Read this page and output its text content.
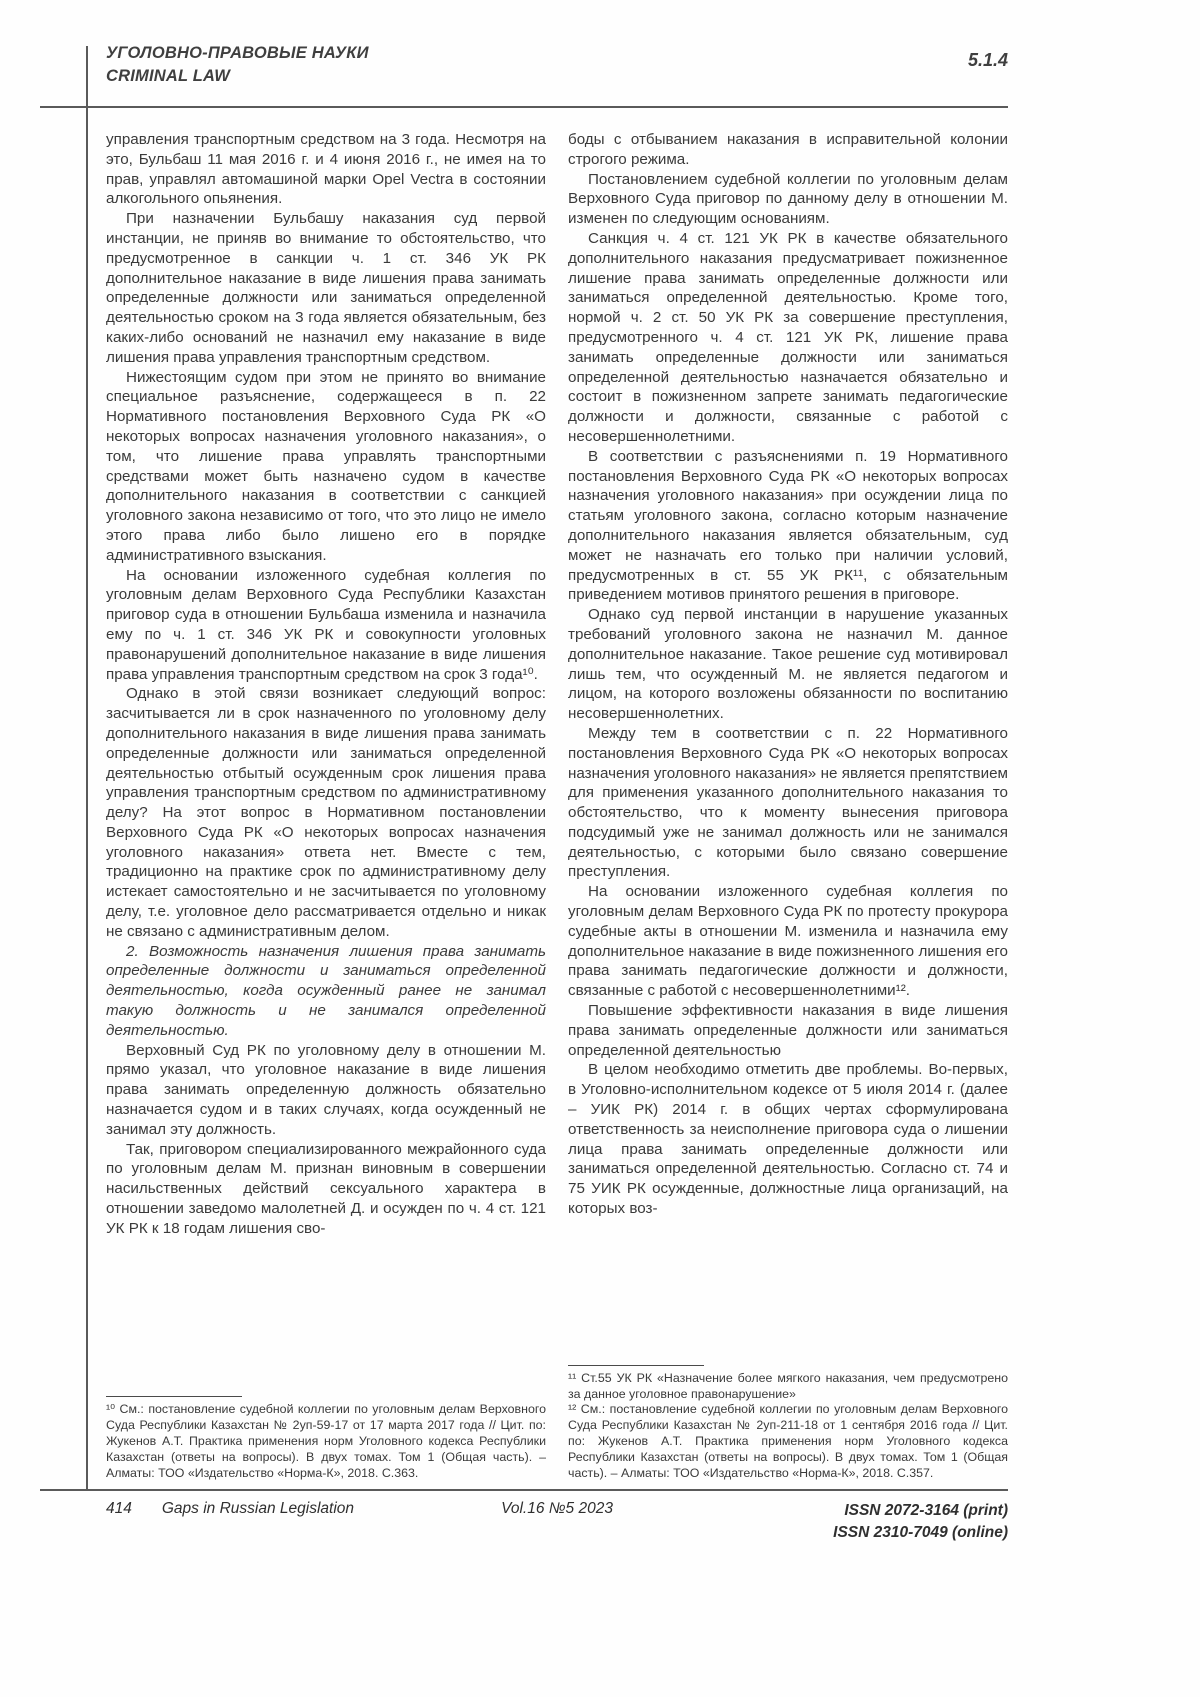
УГОЛОВНО-ПРАВОВЫЕ НАУКИ
CRIMINAL LAW
5.1.4

управления транспортным средством на 3 года. Несмотря на это, Бульбаш 11 мая 2016 г. и 4 июня 2016 г., не имея на то прав, управлял автомашиной марки Opel Vectra в состоянии алкогольного опьянения.

При назначении Бульбашу наказания суд первой инстанции, не приняв во внимание то обстоятельство, что предусмотренное в санкции ч. 1 ст. 346 УК РК дополнительное наказание в виде лишения права занимать определенные должности или заниматься определенной деятельностью сроком на 3 года является обязательным, без каких-либо оснований не назначил ему наказание в виде лишения права управления транспортным средством.

Нижестоящим судом при этом не принято во внимание специальное разъяснение, содержащееся в п. 22 Нормативного постановления Верховного Суда РК «О некоторых вопросах назначения уголовного наказания», о том, что лишение права управлять транспортными средствами может быть назначено судом в качестве дополнительного наказания в соответствии с санкцией уголовного закона независимо от того, что это лицо не имело этого права либо было лишено его в порядке административного взыскания.

На основании изложенного судебная коллегия по уголовным делам Верховного Суда Республики Казахстан приговор суда в отношении Бульбаша изменила и назначила ему по ч. 1 ст. 346 УК РК и совокупности уголовных правонарушений дополнительное наказание в виде лишения права управления транспортным средством на срок 3 года¹⁰.

Однако в этой связи возникает следующий вопрос: засчитывается ли в срок назначенного по уголовному делу дополнительного наказания в виде лишения права занимать определенные должности или заниматься определенной деятельностью отбытый осужденным срок лишения права управления транспортным средством по административному делу? На этот вопрос в Нормативном постановлении Верховного Суда РК «О некоторых вопросах назначения уголовного наказания» ответа нет. Вместе с тем, традиционно на практике срок по административному делу истекает самостоятельно и не засчитывается по уголовному делу, т.е. уголовное дело рассматривается отдельно и никак не связано с административным делом.

2. Возможность назначения лишения права занимать определенные должности и заниматься определенной деятельностью, когда осужденный ранее не занимал такую должность и не занимался определенной деятельностью.

Верховный Суд РК по уголовному делу в отношении М. прямо указал, что уголовное наказание в виде лишения права занимать определенную должность обязательно назначается судом и в таких случаях, когда осужденный не занимал эту должность.

Так, приговором специализированного межрайонного суда по уголовным делам М. признан виновным в совершении насильственных действий сексуального характера в отношении заведомо малолетней Д. и осужден по ч. 4 ст. 121 УК РК к 18 годам лишения сво-

¹⁰ См.: постановление судебной коллегии по уголовным делам Верховного Суда Республики Казахстан № 2уп-59-17 от 17 марта 2017 года // Цит. по: Жукенов А.Т. Практика применения норм Уголовного кодекса Республики Казахстан (ответы на вопросы). В двух томах. Том 1 (Общая часть). – Алматы: ТОО «Издательство «Норма-К», 2018. С.363.

боды с отбыванием наказания в исправительной колонии строгого режима.

Постановлением судебной коллегии по уголовным делам Верховного Суда приговор по данному делу в отношении М. изменен по следующим основаниям.

Санкция ч. 4 ст. 121 УК РК в качестве обязательного дополнительного наказания предусматривает пожизненное лишение права занимать определенные должности или заниматься определенной деятельностью. Кроме того, нормой ч. 2 ст. 50 УК РК за совершение преступления, предусмотренного ч. 4 ст. 121 УК РК, лишение права занимать определенные должности или заниматься определенной деятельностью назначается обязательно и состоит в пожизненном запрете занимать педагогические должности и должности, связанные с работой с несовершеннолетними.

В соответствии с разъяснениями п. 19 Нормативного постановления Верховного Суда РК «О некоторых вопросах назначения уголовного наказания» при осуждении лица по статьям уголовного закона, согласно которым назначение дополнительного наказания является обязательным, суд может не назначать его только при наличии условий, предусмотренных в ст. 55 УК РК¹¹, с обязательным приведением мотивов принятого решения в приговоре.

Однако суд первой инстанции в нарушение указанных требований уголовного закона не назначил М. данное дополнительное наказание. Такое решение суд мотивировал лишь тем, что осужденный М. не является педагогом и лицом, на которого возложены обязанности по воспитанию несовершеннолетних.

Между тем в соответствии с п. 22 Нормативного постановления Верховного Суда РК «О некоторых вопросах назначения уголовного наказания» не является препятствием для применения указанного дополнительного наказания то обстоятельство, что к моменту вынесения приговора подсудимый уже не занимал должность или не занимался деятельностью, с которыми было связано совершение преступления.

На основании изложенного судебная коллегия по уголовным делам Верховного Суда РК по протесту прокурора судебные акты в отношении М. изменила и назначила ему дополнительное наказание в виде пожизненного лишения его права занимать педагогические должности и должности, связанные с работой с несовершеннолетними¹².

Повышение эффективности наказания в виде лишения права занимать определенные должности или заниматься определенной деятельностью

В целом необходимо отметить две проблемы. Во-первых, в Уголовно-исполнительном кодексе от 5 июля 2014 г. (далее – УИК РК) 2014 г. в общих чертах сформулирована ответственность за неисполнение приговора суда о лишении лица права занимать определенные должности или заниматься определенной деятельностью. Согласно ст. 74 и 75 УИК РК осужденные, должностные лица организаций, на которых воз-

¹¹ Ст.55 УК РК «Назначение более мягкого наказания, чем предусмотрено за данное уголовное правонарушение»

¹² См.: постановление судебной коллегии по уголовным делам Верховного Суда Республики Казахстан № 2уп-211-18 от 1 сентября 2016 года // Цит. по: Жукенов А.Т. Практика применения норм Уголовного кодекса Республики Казахстан (ответы на вопросы). В двух томах. Том 1 (Общая часть). – Алматы: ТОО «Издательство «Норма-К», 2018. С.357.

414 Gaps in Russian Legislation	Vol.16 №5 2023	ISSN 2072-3164 (print)
ISSN 2310-7049 (online)
